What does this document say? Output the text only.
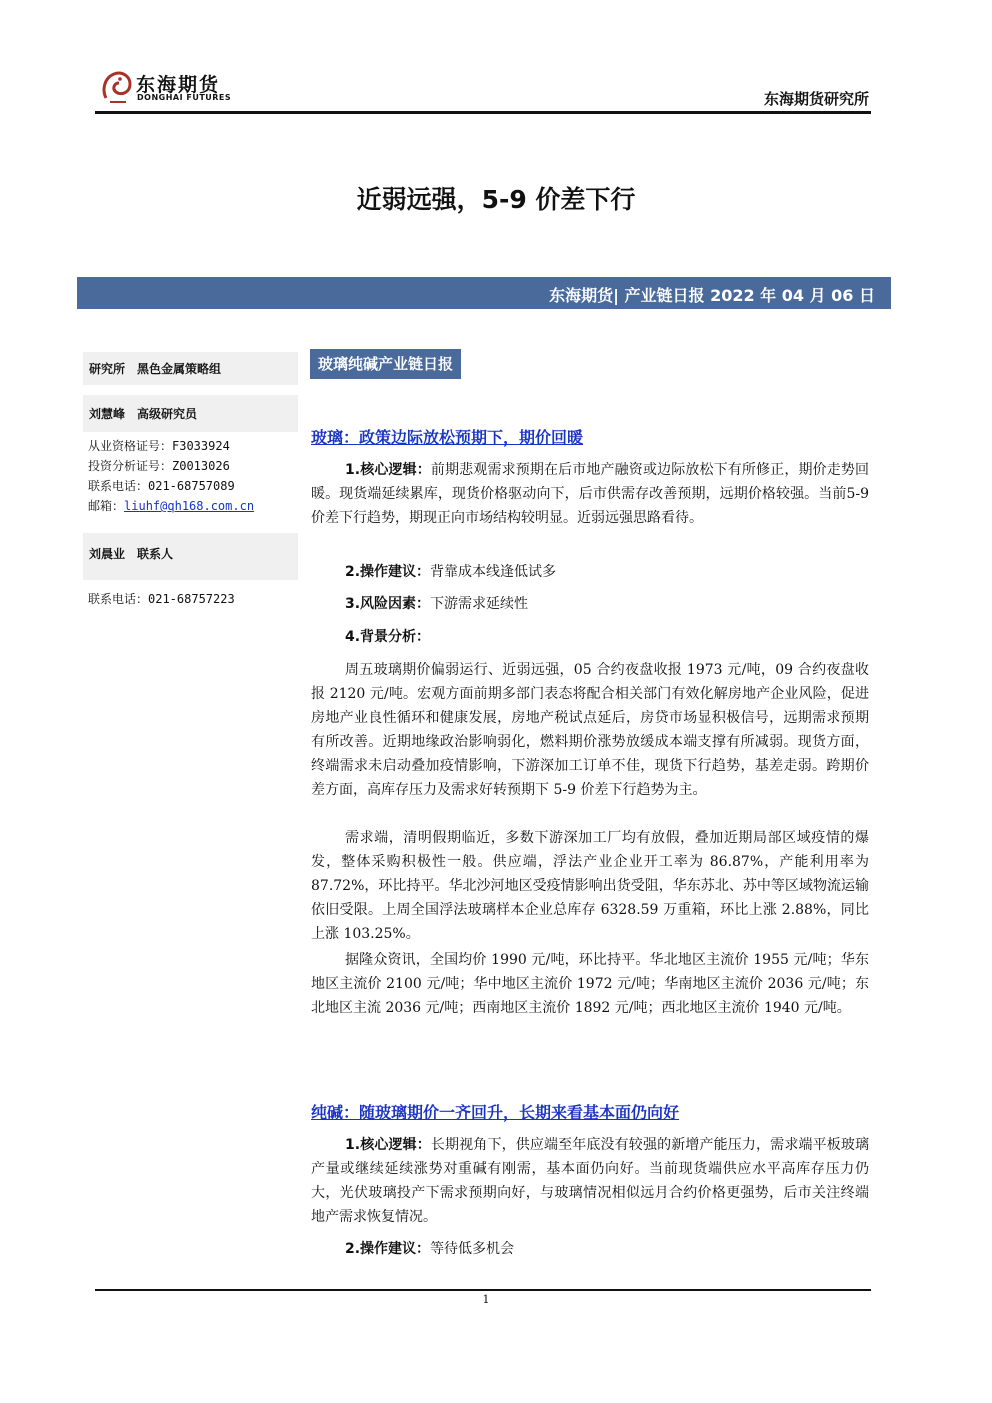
东海期货
DONGHAI FUTURES	东海期货研究所
近弱远强，5-9 价差下行
东海期货| 产业链日报 2022 年 04 月 06 日
研究所 黑色金属策略组
刘慧峰 高级研究员
从业资格证号：F3033924
投资分析证号：Z0013026
联系电话：021-68757089
邮箱：liuhf@qh168.com.cn
刘晨业 联系人
联系电话：021-68757223
玻璃纯碱产业链日报
玻璃：政策边际放松预期下，期价回暖
1.核心逻辑：前期悲观需求预期在后市地产融资或边际放松下有所修正，期价走势回暖。现货端延续累库，现货价格驱动向下，后市供需存改善预期，远期价格较强。当前5-9价差下行趋势，期现正向市场结构较明显。近弱远强思路看待。
2.操作建议：背靠成本线逢低试多
3.风险因素：下游需求延续性
4.背景分析：
周五玻璃期价偏弱运行、近弱远强，05 合约夜盘收报 1973 元/吨，09 合约夜盘收报 2120 元/吨。宏观方面前期多部门表态将配合相关部门有效化解房地产企业风险，促进房地产业良性循环和健康发展，房地产税试点延后，房贷市场显积极信号，远期需求预期有所改善。近期地缘政治影响弱化，燃料期价涨势放缓成本端支撑有所减弱。现货方面，终端需求未启动叠加疫情影响，下游深加工订单不佳，现货下行趋势，基差走弱。跨期价差方面，高库存压力及需求好转预期下 5-9 价差下行趋势为主。
需求端，清明假期临近，多数下游深加工厂均有放假，叠加近期局部区域疫情的爆发，整体采购积极性一般。供应端，浮法产业企业开工率为 86.87%，产能利用率为 87.72%，环比持平。华北沙河地区受疫情影响出货受阻，华东苏北、苏中等区域物流运输依旧受限。上周全国浮法玻璃样本企业总库存 6328.59 万重箱，环比上涨 2.88%，同比上涨 103.25%。
据隆众资讯，全国均价 1990 元/吨，环比持平。华北地区主流价 1955 元/吨；华东地区主流价 2100 元/吨；华中地区主流价 1972 元/吨；华南地区主流价 2036 元/吨；东北地区主流 2036 元/吨；西南地区主流价 1892 元/吨；西北地区主流价 1940 元/吨。
纯碱：随玻璃期价一齐回升，长期来看基本面仍向好
1.核心逻辑：长期视角下，供应端至年底没有较强的新增产能压力，需求端平板玻璃产量或继续延续涨势对重碱有刚需，基本面仍向好。当前现货端供应水平高库存压力仍大，光伏玻璃投产下需求预期向好，与玻璃情况相似远月合约价格更强势，后市关注终端地产需求恢复情况。
2.操作建议：等待低多机会
1
